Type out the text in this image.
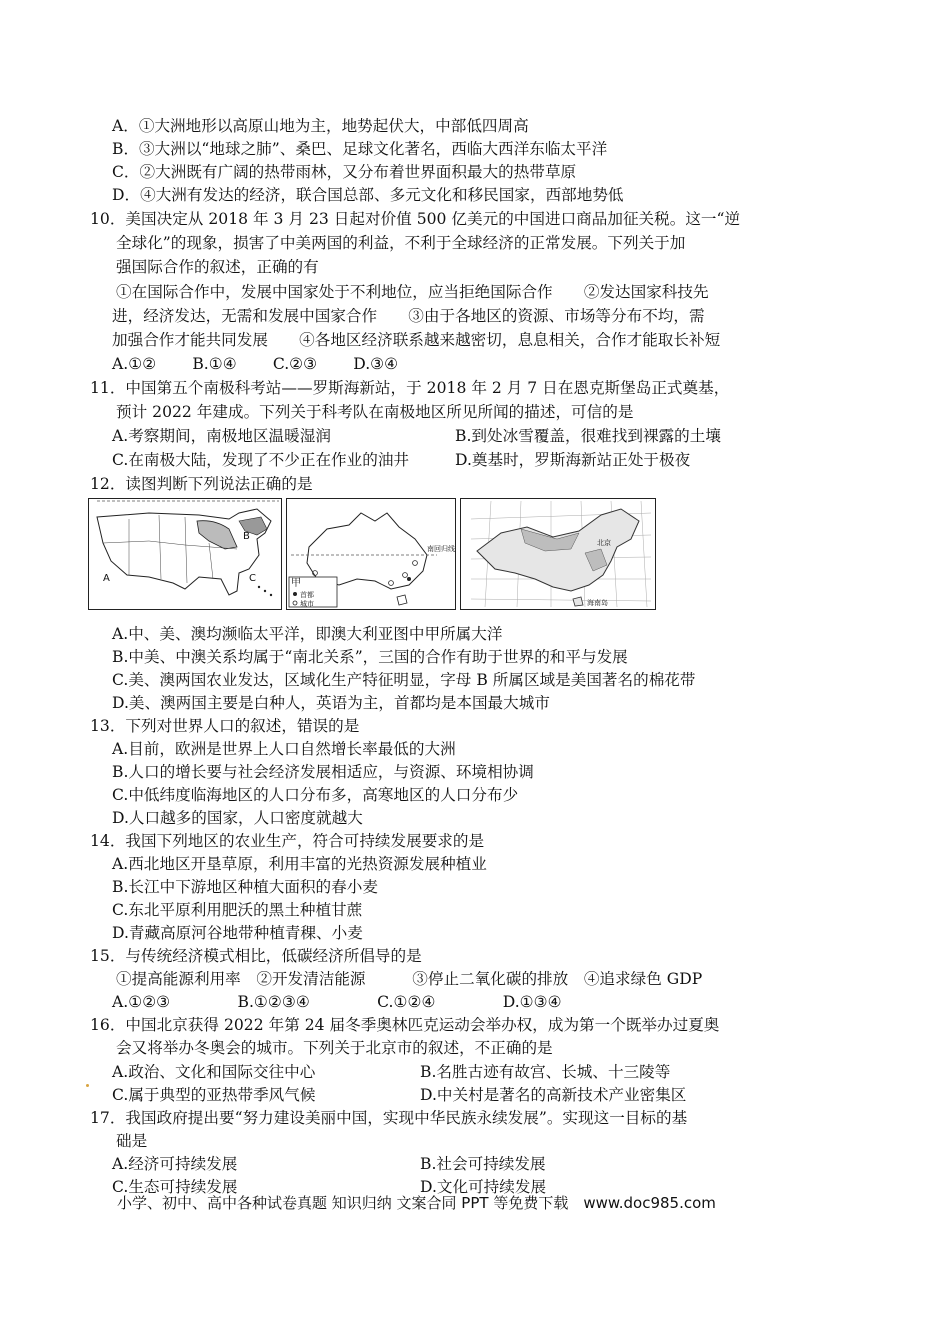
A．①大洲地形以高原山地为主，地势起伏大，中部低四周高
B．③大洲以“地球之肺”、桑巴、足球文化著名，西临大西洋东临太平洋
C．②大洲既有广阔的热带雨林，又分布着世界面积最大的热带草原
D．④大洲有发达的经济，联合国总部、多元文化和移民国家，西部地势低
10．美国决定从 2018 年 3 月 23 日起对价值 500 亿美元的中国进口商品加征关税。这一“逆
全球化”的现象，损害了中美两国的利益，不利于全球经济的正常发展。下列关于加
强国际合作的叙述，正确的有
①在国际合作中，发展中国家处于不利地位，应当拒绝国际合作　　②发达国家科技先
进，经济发达，无需和发展中国家合作　　③由于各地区的资源、市场等分布不均，需
加强合作才能共同发展　　④各地区经济联系越来越密切，息息相关，合作才能取长补短
A.①②　　 B.①④　　 C.②③　　 D.③④
11．中国第五个南极科考站——罗斯海新站，于 2018 年 2 月 7 日在恩克斯堡岛正式奠基，
预计 2022 年建成。下列关于科考队在南极地区所见所闻的描述，可信的是
A.考察期间，南极地区温暖湿润	B.到处冰雪覆盖，很难找到裸露的土壤
C.在南极大陆，发现了不少正在作业的油井	D.奠基时，罗斯海新站正处于极夜
12．读图判断下列说法正确的是
A
B
C
南回归线
甲
首都
城市
北京
海南岛
A.中、美、澳均濒临太平洋，即澳大利亚图中甲所属大洋
B.中美、中澳关系均属于“南北关系”，三国的合作有助于世界的和平与发展
C.美、澳两国农业发达，区域化生产特征明显，字母 B 所属区域是美国著名的棉花带
D.美、澳两国主要是白种人，英语为主，首都均是本国最大城市
13．下列对世界人口的叙述，错误的是
A.目前，欧洲是世界上人口自然增长率最低的大洲
B.人口的增长要与社会经济发展相适应，与资源、环境相协调
C.中低纬度临海地区的人口分布多，高寒地区的人口分布少
D.人口越多的国家，人口密度就越大
14．我国下列地区的农业生产，符合可持续发展要求的是
A.西北地区开垦草原，利用丰富的光热资源发展种植业
B.长江中下游地区种植大面积的春小麦
C.东北平原利用肥沃的黑土种植甘蔗
D.青藏高原河谷地带种植青稞、小麦
15．与传统经济模式相比，低碳经济所倡导的是
①提高能源利用率　②开发清洁能源　　　③停止二氧化碳的排放　④追求绿色 GDP
A.①②③　　　　 B.①②③④　　　　 C.①②④　　　　 D.①③④
16．中国北京获得 2022 年第 24 届冬季奥林匹克运动会举办权，成为第一个既举办过夏奥
会又将举办冬奥会的城市。下列关于北京市的叙述，不正确的是
A.政治、文化和国际交往中心	B.名胜古迹有故宫、长城、十三陵等
C.属于典型的亚热带季风气候	D.中关村是著名的高新技术产业密集区
17．我国政府提出要“努力建设美丽中国，实现中华民族永续发展”。实现这一目标的基
础是
A.经济可持续发展	B.社会可持续发展
C.生态可持续发展	D.文化可持续发展
小学、初中、高中各种试卷真题 知识归纳 文案合同 PPT 等免费下载　www.doc985.com
